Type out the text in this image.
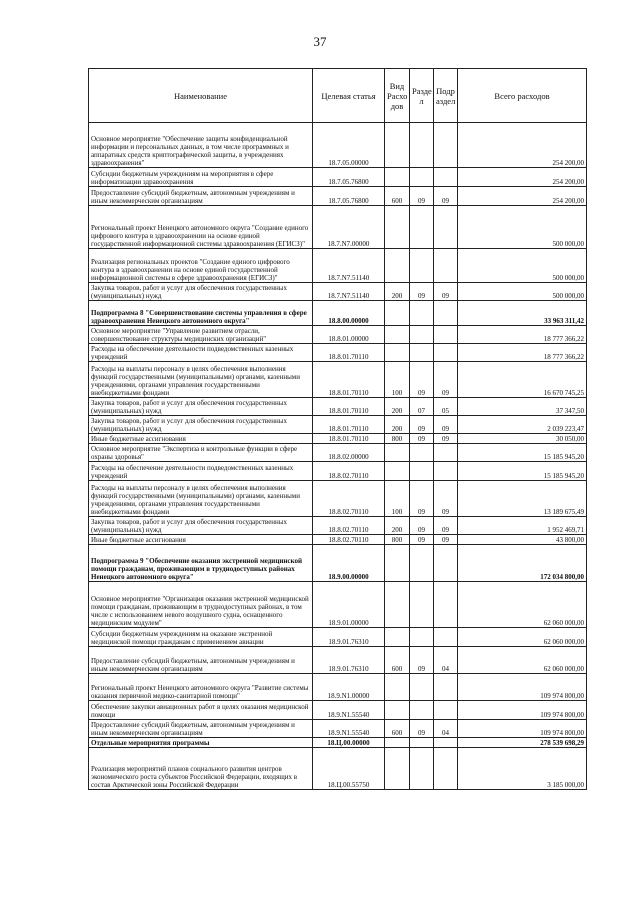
37
Наименование	Целевая статья	Вид Расхо дов	Разде л	Подр аздел	Всего расходов
Основное мероприятие "Обеспечение защиты конфиденциальной информации и персональных данных, в том числе программных и аппаратных средств криптографической защиты, в учреждениях здравоохранения"	18.7.05.00000				254 200,00
Субсидии бюджетным учреждениям на мероприятия в сфере информатизации здравоохранения	18.7.05.76800				254 200,00
Предоставление субсидий бюджетным, автономным учреждениям и иным некоммерческим организациям	18.7.05.76800	600	09	09	254 200,00
Региональный проект Ненецкого автономного округа "Создание единого цифрового контура в здравоохранении на основе единой государственной информационной системы здравоохранения (ЕГИСЗ)"	18.7.N7.00000				500 000,00
Реализация региональных проектов "Создание единого цифрового контура в здравоохранении на основе единой государственной информационной системы в сфере здравоохранения (ЕГИСЗ)"	18.7.N7.51140				500 000,00
Закупка товаров, работ и услуг для обеспечения государственных (муниципальных) нужд	18.7.N7.51140	200	09	09	500 000,00
Подпрограмма 8 "Совершенствование системы управления в сфере здравоохранения Ненецкого автономного округа"	18.8.00.00000				33 963 311,42
Основное мероприятие "Управление развитием отрасли, совершенствование структуры медицинских организаций"	18.8.01.00000				18 777 366,22
Расходы на обеспечение деятельности подведомственных казенных учреждений	18.8.01.70110				18 777 366,22
Расходы на выплаты персоналу в целях обеспечения выполнения функций государственными (муниципальными) органами, казенными учреждениями, органами управления государственными внебюджетными фондами	18.8.01.70110	100	09	09	16 670 745,25
Закупка товаров, работ и услуг для обеспечения государственных (муниципальных) нужд	18.8.01.70110	200	07	05	37 347,50
Закупка товаров, работ и услуг для обеспечения государственных (муниципальных) нужд	18.8.01.70110	200	09	09	2 039 223,47
Иные бюджетные ассигнования	18.8.01.70110	800	09	09	30 050,00
Основное мероприятие "Экспертиза и контрольные функции в сфере охраны здоровья"	18.8.02.00000				15 185 945,20
Расходы на обеспечение деятельности подведомственных казенных учреждений	18.8.02.70110				15 185 945,20
Расходы на выплаты персоналу в целях обеспечения выполнения функций государственными (муниципальными) органами, казенными учреждениями, органами управления государственными внебюджетными фондами	18.8.02.70110	100	09	09	13 189 675,49
Закупка товаров, работ и услуг для обеспечения государственных (муниципальных) нужд	18.8.02.70110	200	09	09	1 952 469,71
Иные бюджетные ассигнования	18.8.02.70110	800	09	09	43 800,00
Подпрограмма 9 "Обеспечение оказания экстренной медицинской помощи гражданам, проживающим в труднодоступных районах Ненецкого автономного округа"	18.9.00.00000				172 034 800,00
Основное мероприятие "Организация оказания экстренной медицинской помощи гражданам, проживающим в труднодоступных районах, в том числе с использованием невого воздушного судна, оснащенного медицинским модулем"	18.9.01.00000				62 060 000,00
Субсидии бюджетным учреждениям на оказание экстренной медицинской помощи гражданам с применением авиации	18.9.01.76310				62 060 000,00
Предоставление субсидий бюджетным, автономным учреждениям и иным некоммерческим организациям	18.9.01.76310	600	09	04	62 060 000,00
Региональный проект Ненецкого автономного округа "Развитие системы оказания первичной медико-санитарной помощи"	18.9.N1.00000				109 974 800,00
Обеспечение закупки авиационных работ в целях оказания медицинской помощи	18.9.N1.55540				109 974 800,00
Предоставление субсидий бюджетным, автономным учреждениям и иным некоммерческим организациям	18.9.N1.55540	600	09	04	109 974 800,00
Отдельные мероприятия программы	18.Ц.00.00000				278 539 698,29
Реализация мероприятий планов социального развития центров экономического роста субъектов Российской Федерации, входящих в состав Арктической зоны Российской Федерации	18.Ц.00.55750				3 185 000,00
